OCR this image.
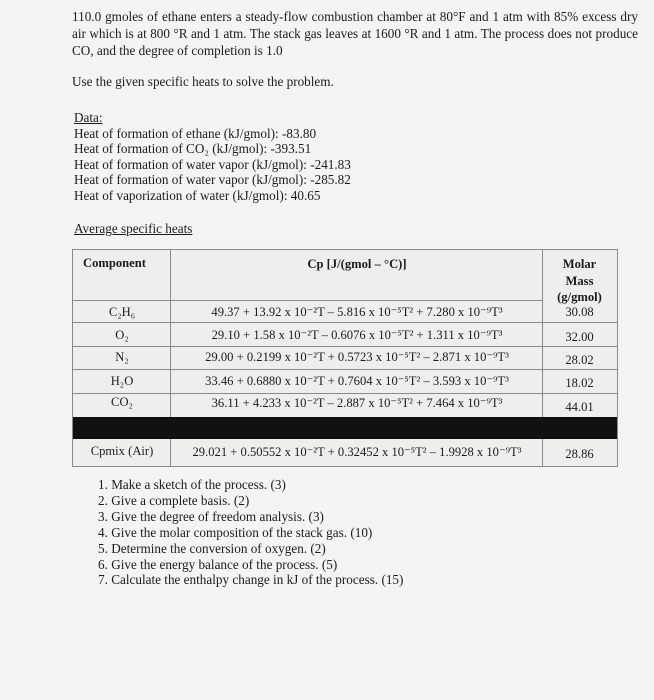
110.0 gmoles of ethane enters a steady-flow combustion chamber at 80°F and 1 atm with 85% excess dry air which is at 800 °R and 1 atm. The stack gas leaves at 1600 °R and 1 atm. The process does not produce CO, and the degree of completion is 1.0
Use the given specific heats to solve the problem.
Data:
Heat of formation of ethane (kJ/gmol): -83.80
Heat of formation of CO₂ (kJ/gmol): -393.51
Heat of formation of water vapor (kJ/gmol): -241.83
Heat of formation of water vapor (kJ/gmol): -285.82
Heat of vaporization of water (kJ/gmol): 40.65
Average specific heats
Component	Cp [J/(gmol – °C)]	Molar
Mass
(g/gmol)
C₂H₆	49.37 + 13.92 x 10⁻²T – 5.816 x 10⁻⁵T² + 7.280 x 10⁻⁹T³	30.08
O₂	29.10 + 1.58 x 10⁻²T – 0.6076 x 10⁻⁵T² + 1.311 x 10⁻⁹T³	32.00
N₂	29.00 + 0.2199 x 10⁻²T + 0.5723 x 10⁻⁵T² – 2.871 x 10⁻⁹T³	28.02
H₂O	33.46 + 0.6880 x 10⁻²T + 0.7604 x 10⁻⁵T² – 3.593 x 10⁻⁹T³	18.02
CO₂	36.11 + 4.233 x 10⁻²T – 2.887 x 10⁻⁵T² + 7.464 x 10⁻⁹T³	44.01
Cpmix (Air)	29.021 + 0.50552 x 10⁻²T + 0.32452 x 10⁻⁵T² – 1.9928 x 10⁻⁹T³	28.86
1. Make a sketch of the process. (3)
2. Give a complete basis. (2)
3. Give the degree of freedom analysis. (3)
4. Give the molar composition of the stack gas. (10)
5. Determine the conversion of oxygen. (2)
6. Give the energy balance of the process. (5)
7. Calculate the enthalpy change in kJ of the process. (15)
